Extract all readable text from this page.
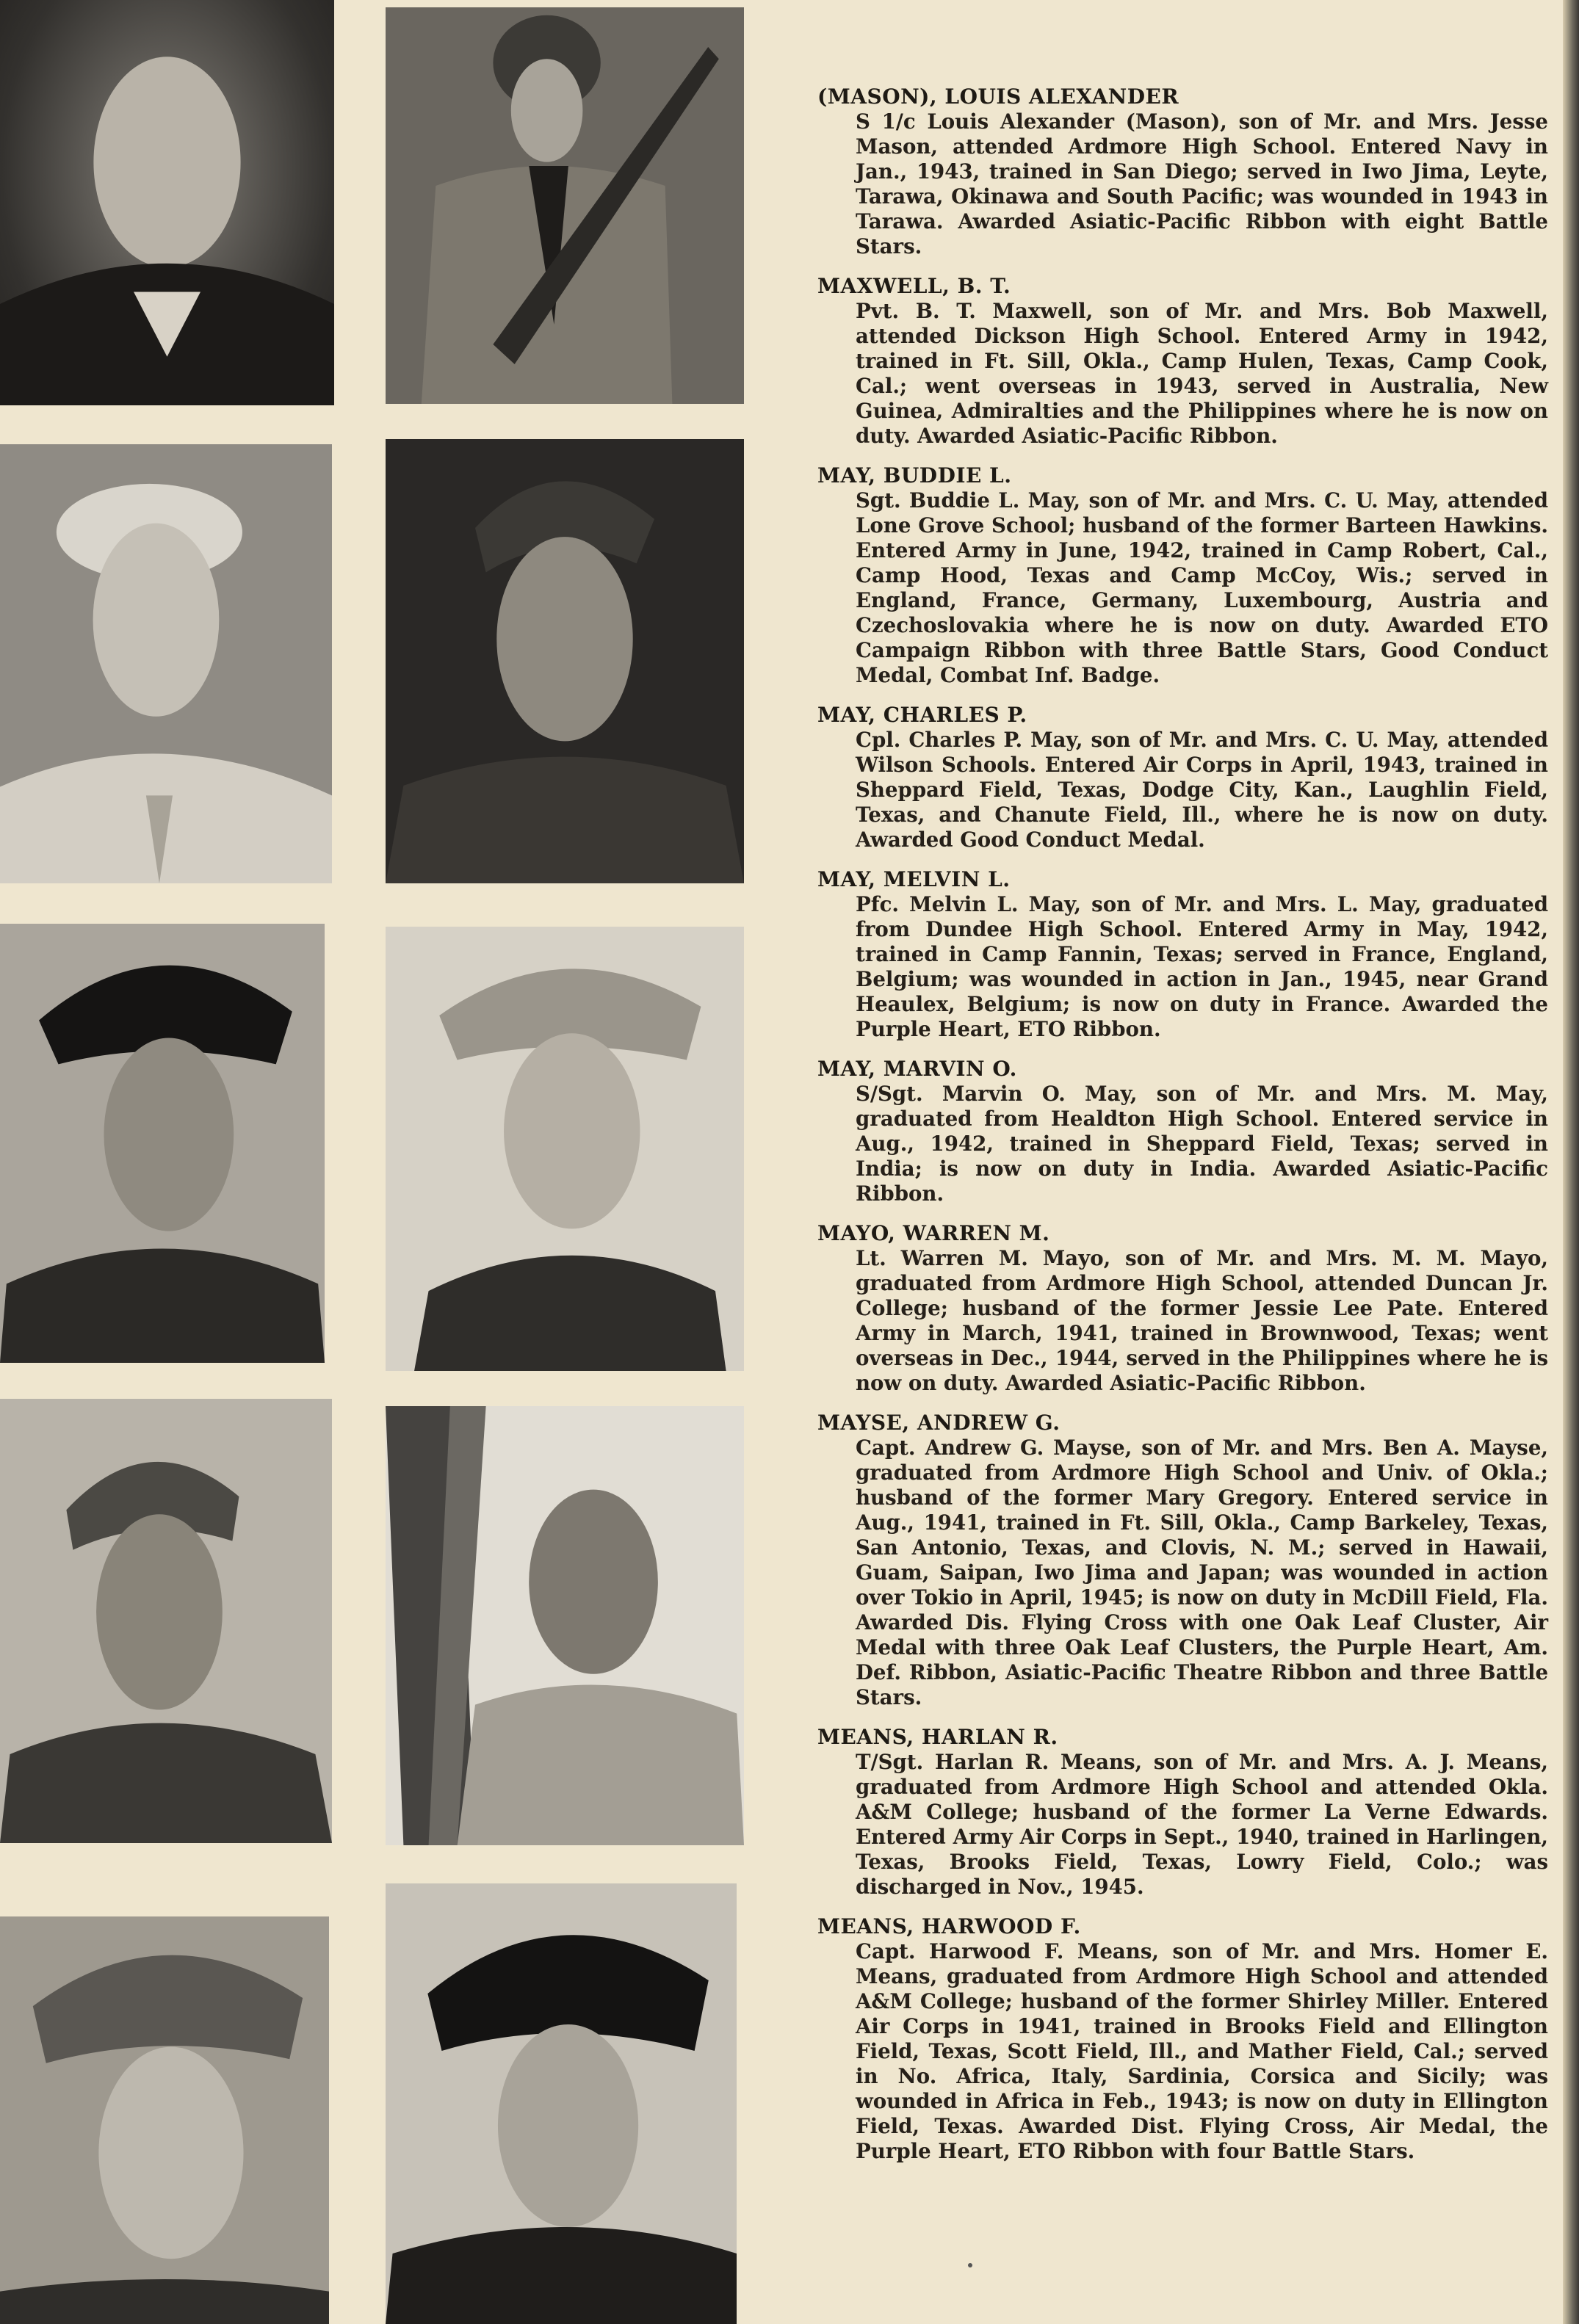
(MASON), LOUIS ALEXANDER

S 1/c Louis Alexander (Mason), son of Mr. and Mrs. Jesse Mason, attended Ardmore High School. Entered Navy in Jan., 1943, trained in San Diego; served in Iwo Jima, Leyte, Tarawa, Okinawa and South Pacific; was wounded in 1943 in Tarawa. Awarded Asiatic-Pacific Ribbon with eight Battle Stars.

MAXWELL, B. T.

Pvt. B. T. Maxwell, son of Mr. and Mrs. Bob Maxwell, attended Dickson High School. Entered Army in 1942, trained in Ft. Sill, Okla., Camp Hulen, Texas, Camp Cook, Cal.; went overseas in 1943, served in Australia, New Guinea, Admiralties and the Philippines where he is now on duty. Awarded Asiatic-Pacific Ribbon.

MAY, BUDDIE L.

Sgt. Buddie L. May, son of Mr. and Mrs. C. U. May, attended Lone Grove School; husband of the former Barteen Hawkins. Entered Army in June, 1942, trained in Camp Robert, Cal., Camp Hood, Texas and Camp McCoy, Wis.; served in England, France, Germany, Luxembourg, Austria and Czechoslovakia where he is now on duty. Awarded ETO Campaign Ribbon with three Battle Stars, Good Conduct Medal, Combat Inf. Badge.

MAY, CHARLES P.

Cpl. Charles P. May, son of Mr. and Mrs. C. U. May, attended Wilson Schools. Entered Air Corps in April, 1943, trained in Sheppard Field, Texas, Dodge City, Kan., Laughlin Field, Texas, and Chanute Field, Ill., where he is now on duty. Awarded Good Conduct Medal.

MAY, MELVIN L.

Pfc. Melvin L. May, son of Mr. and Mrs. L. May, graduated from Dundee High School. Entered Army in May, 1942, trained in Camp Fannin, Texas; served in France, England, Belgium; was wounded in action in Jan., 1945, near Grand Heaulex, Belgium; is now on duty in France. Awarded the Purple Heart, ETO Ribbon.

MAY, MARVIN O.

S/Sgt. Marvin O. May, son of Mr. and Mrs. M. May, graduated from Healdton High School. Entered service in Aug., 1942, trained in Sheppard Field, Texas; served in India; is now on duty in India. Awarded Asiatic-Pacific Ribbon.

MAYO, WARREN M.

Lt. Warren M. Mayo, son of Mr. and Mrs. M. M. Mayo, graduated from Ardmore High School, attended Duncan Jr. College; husband of the former Jessie Lee Pate. Entered Army in March, 1941, trained in Brownwood, Texas; went overseas in Dec., 1944, served in the Philippines where he is now on duty. Awarded Asiatic-Pacific Ribbon.

MAYSE, ANDREW G.

Capt. Andrew G. Mayse, son of Mr. and Mrs. Ben A. Mayse, graduated from Ardmore High School and Univ. of Okla.; husband of the former Mary Gregory. Entered service in Aug., 1941, trained in Ft. Sill, Okla., Camp Barkeley, Texas, San Antonio, Texas, and Clovis, N. M.; served in Hawaii, Guam, Saipan, Iwo Jima and Japan; was wounded in action over Tokio in April, 1945; is now on duty in McDill Field, Fla. Awarded Dis. Flying Cross with one Oak Leaf Cluster, Air Medal with three Oak Leaf Clusters, the Purple Heart, Am. Def. Ribbon, Asiatic-Pacific Theatre Ribbon and three Battle Stars.

MEANS, HARLAN R.

T/Sgt. Harlan R. Means, son of Mr. and Mrs. A. J. Means, graduated from Ardmore High School and attended Okla. A&M College; husband of the former La Verne Edwards. Entered Army Air Corps in Sept., 1940, trained in Harlingen, Texas, Brooks Field, Texas, Lowry Field, Colo.; was discharged in Nov., 1945.

MEANS, HARWOOD F.

Capt. Harwood F. Means, son of Mr. and Mrs. Homer E. Means, graduated from Ardmore High School and attended A&M College; husband of the former Shirley Miller. Entered Air Corps in 1941, trained in Brooks Field and Ellington Field, Texas, Scott Field, Ill., and Mather Field, Cal.; served in No. Africa, Italy, Sardinia, Corsica and Sicily; was wounded in Africa in Feb., 1943; is now on duty in Ellington Field, Texas. Awarded Dist. Flying Cross, Air Medal, the Purple Heart, ETO Ribbon with four Battle Stars.
